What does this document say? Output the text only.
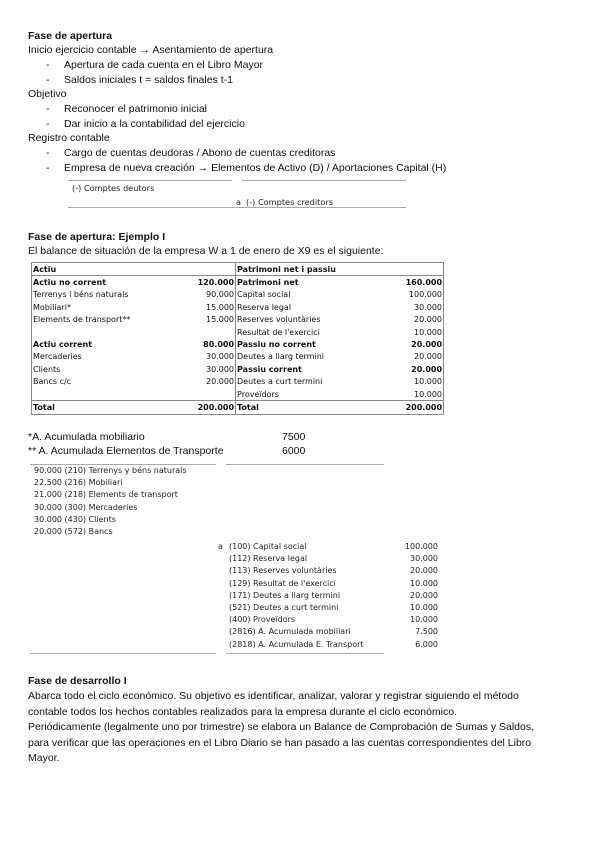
Fase de apertura
Inicio ejercicio contable → Asentamiento de apertura
- Apertura de cada cuenta en el Libro Mayor
- Saldos iniciales t = saldos finales t-1
Objetivo
- Reconocer el patrimonio inicial
- Dar inicio a la contabilidad del ejercicio
Registro contable
- Cargo de cuentas deudoras / Abono de cuentas creditoras
- Empresa de nueva creación → Elementos de Activo (D) / Aportaciones Capital (H)
(-) Comptes deutors
a (-) Comptes creditors
Fase de apertura: Ejemplo I
El balance de situación de la empresa W a 1 de enero de X9 es el siguiente:
Actiu		Patrimoni net i passiu	
Actiu no corrent	120.000	Patrimoni net	160.000
Terrenys i béns naturals	90.000	Capital social	100.000
Mobiliari*	15.000	Reserva legal	30.000
Elements de transport**	15.000	Reserves voluntàries	20.000
		Resultat de l'exercici	10.000
Actiu corrent	80.000	Passiu no corrent	20.000
Mercaderies	30.000	Deutes a llarg termini	20.000
Clients	30.000	Passiu corrent	20.000
Bancs c/c	20.000	Deutes a curt termini	10.000
		Proveïdors	10.000
Total	200.000	Total	200.000
*A. Acumulada mobiliario	7500
** A. Acumulada Elementos de Transporte	6000
90.000 (210) Terrenys y béns naturals
22.500 (216) Mobiliari
21.000 (218) Elements de transport
30.000 (300) Mercaderies
30.000 (430) Clients
20.000 (572) Bancs
a (100) Capital social	100.000
(112) Reserva legal	30.000
(113) Reserves voluntàries	20.000
(129) Resultat de l'exercici	10.000
(171) Deutes a llarg termini	20.000
(521) Deutes a curt termini	10.000
(400) Proveïdors	10.000
(2816) A. Acumulada mobiliari	7.500
(2818) A. Acumulada E. Transport	6.000
Fase de desarrollo I
Abarca todo el ciclo económico. Su objetivo es identificar, analizar, valorar y registrar siguiendo el método
contable todos los hechos contables realizados para la empresa durante el ciclo económico.
Periódicamente (legalmente uno por trimestre) se elabora un Balance de Comprobación de Sumas y Saldos,
para verificar que las operaciones en el Libro Diario se han pasado a las cuentas correspondientes del Libro
Mayor.
